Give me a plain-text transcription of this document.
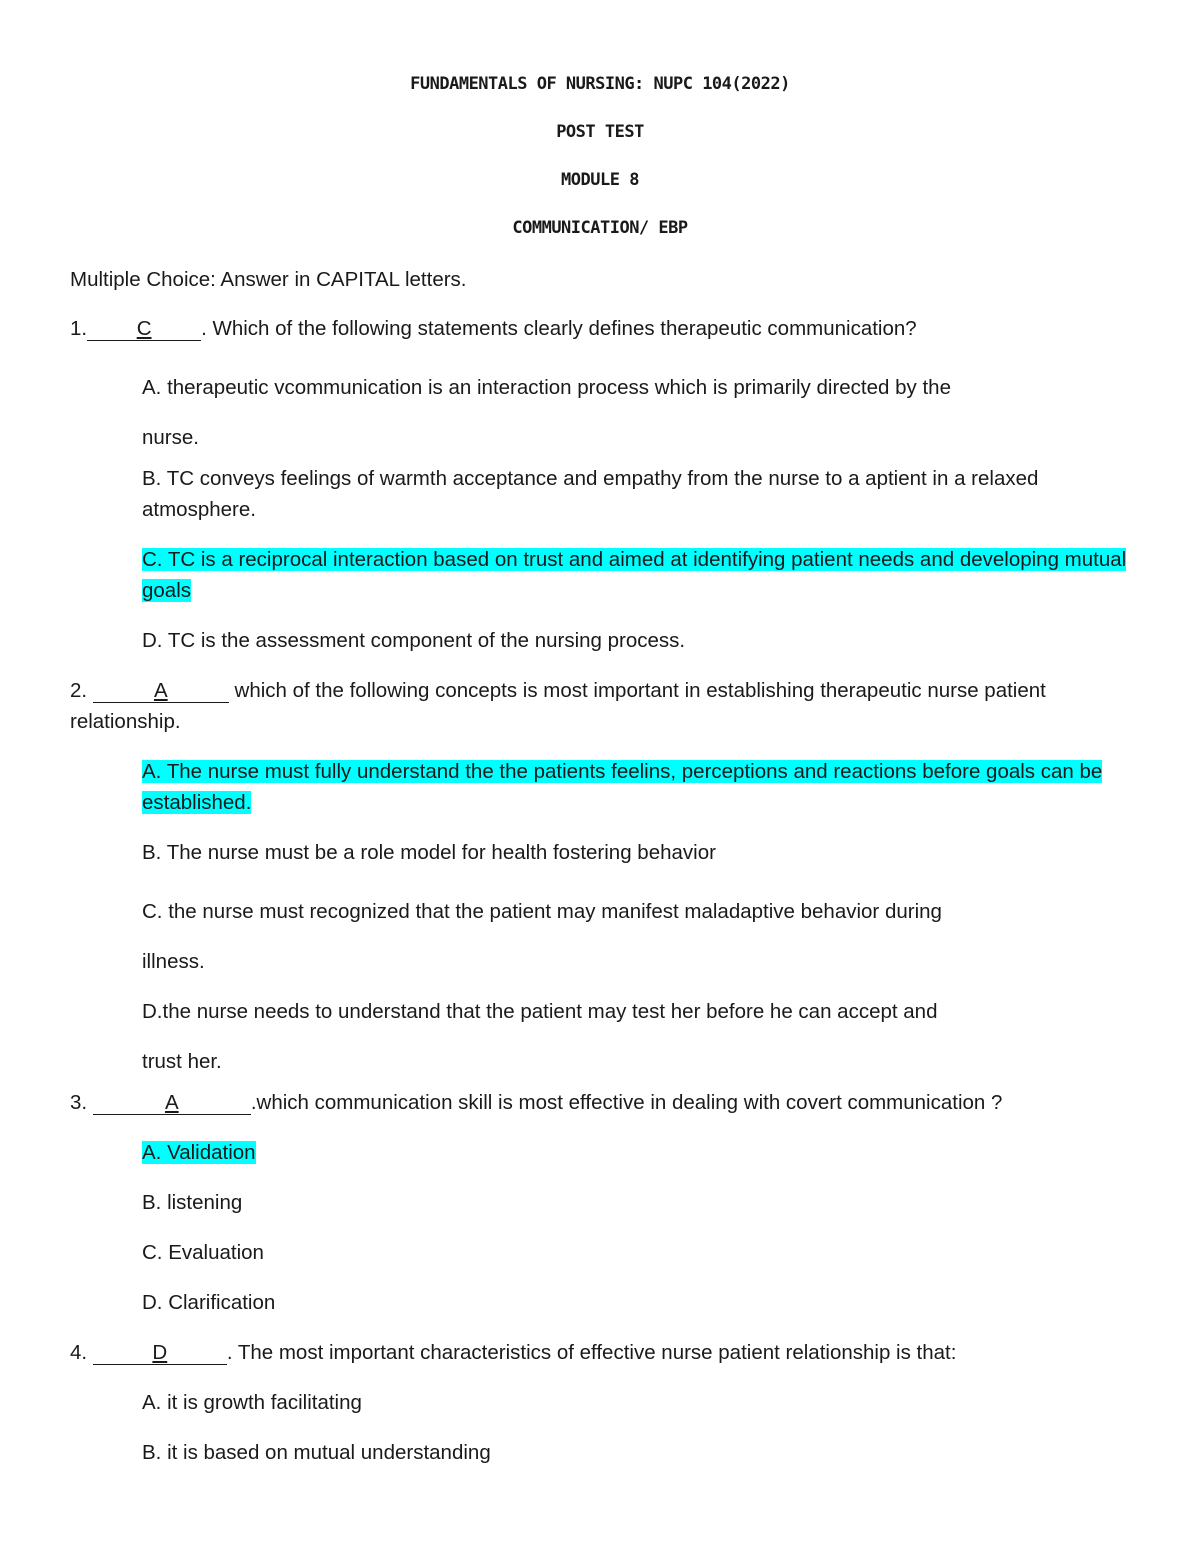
FUNDAMENTALS OF NURSING: NUPC 104(2022)

POST TEST

MODULE 8

COMMUNICATION/ EBP

Multiple Choice: Answer in CAPITAL letters.

1. C . Which of the following statements clearly defines therapeutic communication?

A. therapeutic vcommunication is an interaction process which is primarily directed by the

nurse.

B. TC conveys feelings of warmth acceptance and empathy from the nurse to a aptient in a relaxed atmosphere.

C. TC is a reciprocal interaction based on trust and aimed at identifying patient needs and developing mutual goals

D. TC is the assessment component of the nursing process.

2.	A	which of the following concepts is most important in establishing therapeutic nurse patient relationship.

A. The nurse must fully understand the the patients feelins, perceptions and reactions before goals can be established.

B. The nurse must be a role model for health fostering behavior

C. the nurse must recognized that the patient may manifest maladaptive behavior during

illness.

D.the nurse needs to understand that the patient may test her before he can accept and

trust her.

3.	A	.which communication skill is most effective in dealing with covert communication ?

A. Validation

B. listening

C. Evaluation

D. Clarification

4.	D	. The most important characteristics of effective nurse patient relationship is that:

A. it is growth facilitating

B. it is based on mutual understanding
